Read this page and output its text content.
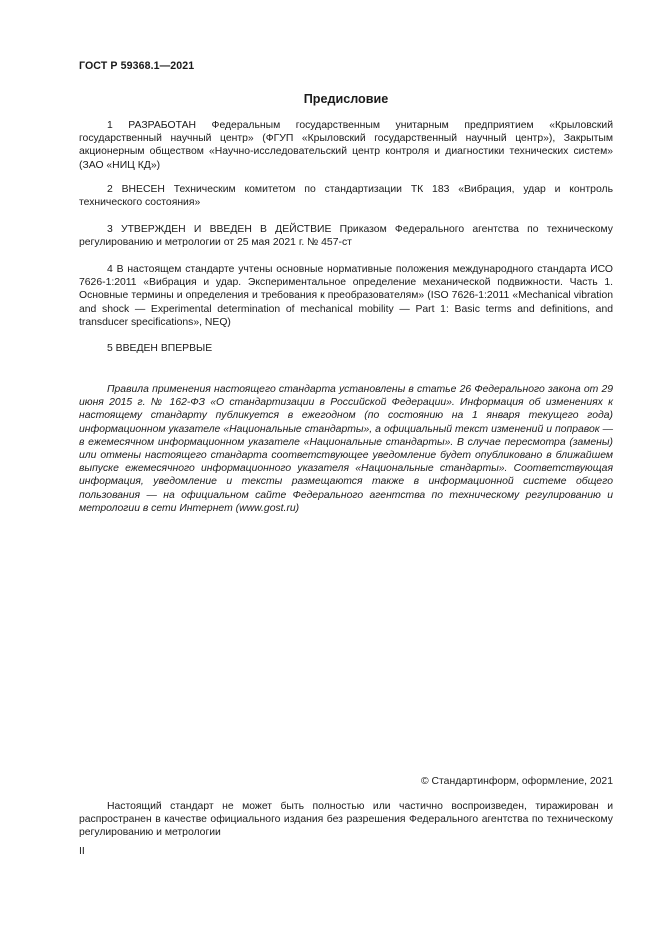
ГОСТ Р 59368.1—2021
Предисловие

1 РАЗРАБОТАН Федеральным государственным унитарным предприятием «Крыловский государственный научный центр» (ФГУП «Крыловский государственный научный центр»), Закрытым акционерным обществом «Научно-исследовательский центр контроля и диагностики технических систем» (ЗАО «НИЦ КД»)

2 ВНЕСЕН Техническим комитетом по стандартизации ТК 183 «Вибрация, удар и контроль технического состояния»

3 УТВЕРЖДЕН И ВВЕДЕН В ДЕЙСТВИЕ Приказом Федерального агентства по техническому регулированию и метрологии от 25 мая 2021 г. № 457-ст

4 В настоящем стандарте учтены основные нормативные положения международного стандарта ИСО 7626-1:2011 «Вибрация и удар. Экспериментальное определение механической подвижности. Часть 1. Основные термины и определения и требования к преобразователям» (ISO 7626-1:2011 «Mechanical vibration and shock — Experimental determination of mechanical mobility — Part 1: Basic terms and definitions, and transducer specifications», NEQ)

5 ВВЕДЕН ВПЕРВЫЕ

Правила применения настоящего стандарта установлены в статье 26 Федерального закона от 29 июня 2015 г. № 162-ФЗ «О стандартизации в Российской Федерации». Информация об изменениях к настоящему стандарту публикуется в ежегодном (по состоянию на 1 января текущего года) информационном указателе «Национальные стандарты», а официальный текст изменений и поправок — в ежемесячном информационном указателе «Национальные стандарты». В случае пересмотра (замены) или отмены настоящего стандарта соответствующее уведомление будет опубликовано в ближайшем выпуске ежемесячного информационного указателя «Национальные стандарты». Соответствующая информация, уведомление и тексты размещаются также в информационной системе общего пользования — на официальном сайте Федерального агентства по техническому регулированию и метрологии в сети Интернет (www.gost.ru)

© Стандартинформ, оформление, 2021

Настоящий стандарт не может быть полностью или частично воспроизведен, тиражирован и распространен в качестве официального издания без разрешения Федерального агентства по техническому регулированию и метрологии

II
